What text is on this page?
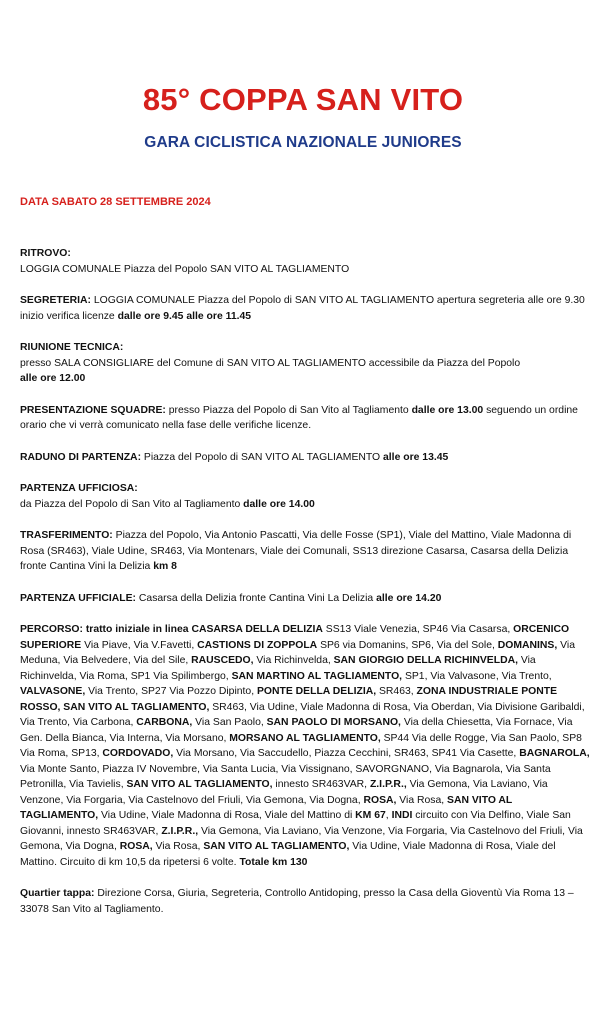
85° COPPA SAN VITO
GARA CICLISTICA NAZIONALE JUNIORES
DATA SABATO 28 SETTEMBRE 2024
RITROVO:
LOGGIA COMUNALE Piazza del Popolo SAN VITO AL TAGLIAMENTO
SEGRETERIA: LOGGIA COMUNALE Piazza del Popolo di SAN VITO AL TAGLIAMENTO apertura segreteria alle ore 9.30 inizio verifica licenze dalle ore 9.45 alle ore 11.45
RIUNIONE TECNICA:
presso SALA CONSIGLIARE del Comune di SAN VITO AL TAGLIAMENTO accessibile da Piazza del Popolo
alle ore 12.00
PRESENTAZIONE SQUADRE: presso Piazza del Popolo di San Vito al Tagliamento dalle ore 13.00 seguendo un ordine orario che vi verrà comunicato nella fase delle verifiche licenze.
RADUNO DI PARTENZA: Piazza del Popolo di SAN VITO AL TAGLIAMENTO alle ore 13.45
PARTENZA UFFICIOSA:
da Piazza del Popolo di San Vito al Tagliamento dalle ore 14.00
TRASFERIMENTO: Piazza del Popolo, Via Antonio Pascatti, Via delle Fosse (SP1), Viale del Mattino, Viale Madonna di Rosa (SR463), Viale Udine, SR463, Via Montenars, Viale dei Comunali, SS13 direzione Casarsa, Casarsa della Delizia fronte Cantina Vini la Delizia km 8
PARTENZA UFFICIALE: Casarsa della Delizia fronte Cantina Vini La Delizia alle ore 14.20
PERCORSO: tratto iniziale in linea CASARSA DELLA DELIZIA SS13 Viale Venezia, SP46 Via Casarsa, ORCENICO SUPERIORE Via Piave, Via V.Favetti, CASTIONS DI ZOPPOLA SP6 via Domanins, SP6, Via del Sole, DOMANINS, Via Meduna, Via Belvedere, Via del Sile, RAUSCEDO, Via Richinvelda, SAN GIORGIO DELLA RICHINVELDA, Via Richinvelda, Via Roma, SP1 Via Spilimbergo, SAN MARTINO AL TAGLIAMENTO, SP1, Via Valvasone, Via Trento, VALVASONE, Via Trento, SP27 Via Pozzo Dipinto, PONTE DELLA DELIZIA, SR463, ZONA INDUSTRIALE PONTE ROSSO, SAN VITO AL TAGLIAMENTO, SR463, Via Udine, Viale Madonna di Rosa, Via Oberdan, Via Divisione Garibaldi, Via Trento, Via Carbona, CARBONA, Via San Paolo, SAN PAOLO DI MORSANO, Via della Chiesetta, Via Fornace, Via Gen. Della Bianca, Via Interna, Via Morsano, MORSANO AL TAGLIAMENTO, SP44 Via delle Rogge, Via San Paolo, SP8 Via Roma, SP13, CORDOVADO, Via Morsano, Via Saccudello, Piazza Cecchini, SR463, SP41 Via Casette, BAGNAROLA, Via Monte Santo, Piazza IV Novembre, Via Santa Lucia, Via Vissignano, SAVORGNANO, Via Bagnarola, Via Santa Petronilla, Via Tavielis, SAN VITO AL TAGLIAMENTO, innesto SR463VAR, Z.I.P.R., Via Gemona, Via Laviano, Via Venzone, Via Forgaria, Via Castelnovo del Friuli, Via Gemona, Via Dogna, ROSA, Via Rosa, SAN VITO AL TAGLIAMENTO, Via Udine, Viale Madonna di Rosa, Viale del Mattino di KM 67, INDI circuito con Via Delfino, Viale San Giovanni, innesto SR463VAR, Z.I.P.R., Via Gemona, Via Laviano, Via Venzone, Via Forgaria, Via Castelnovo del Friuli, Via Gemona, Via Dogna, ROSA, Via Rosa, SAN VITO AL TAGLIAMENTO, Via Udine, Viale Madonna di Rosa, Viale del Mattino. Circuito di km 10,5 da ripetersi 6 volte. Totale km 130
Quartier tappa: Direzione Corsa, Giuria, Segreteria, Controllo Antidoping, presso la Casa della Gioventù Via Roma 13 – 33078 San Vito al Tagliamento.
